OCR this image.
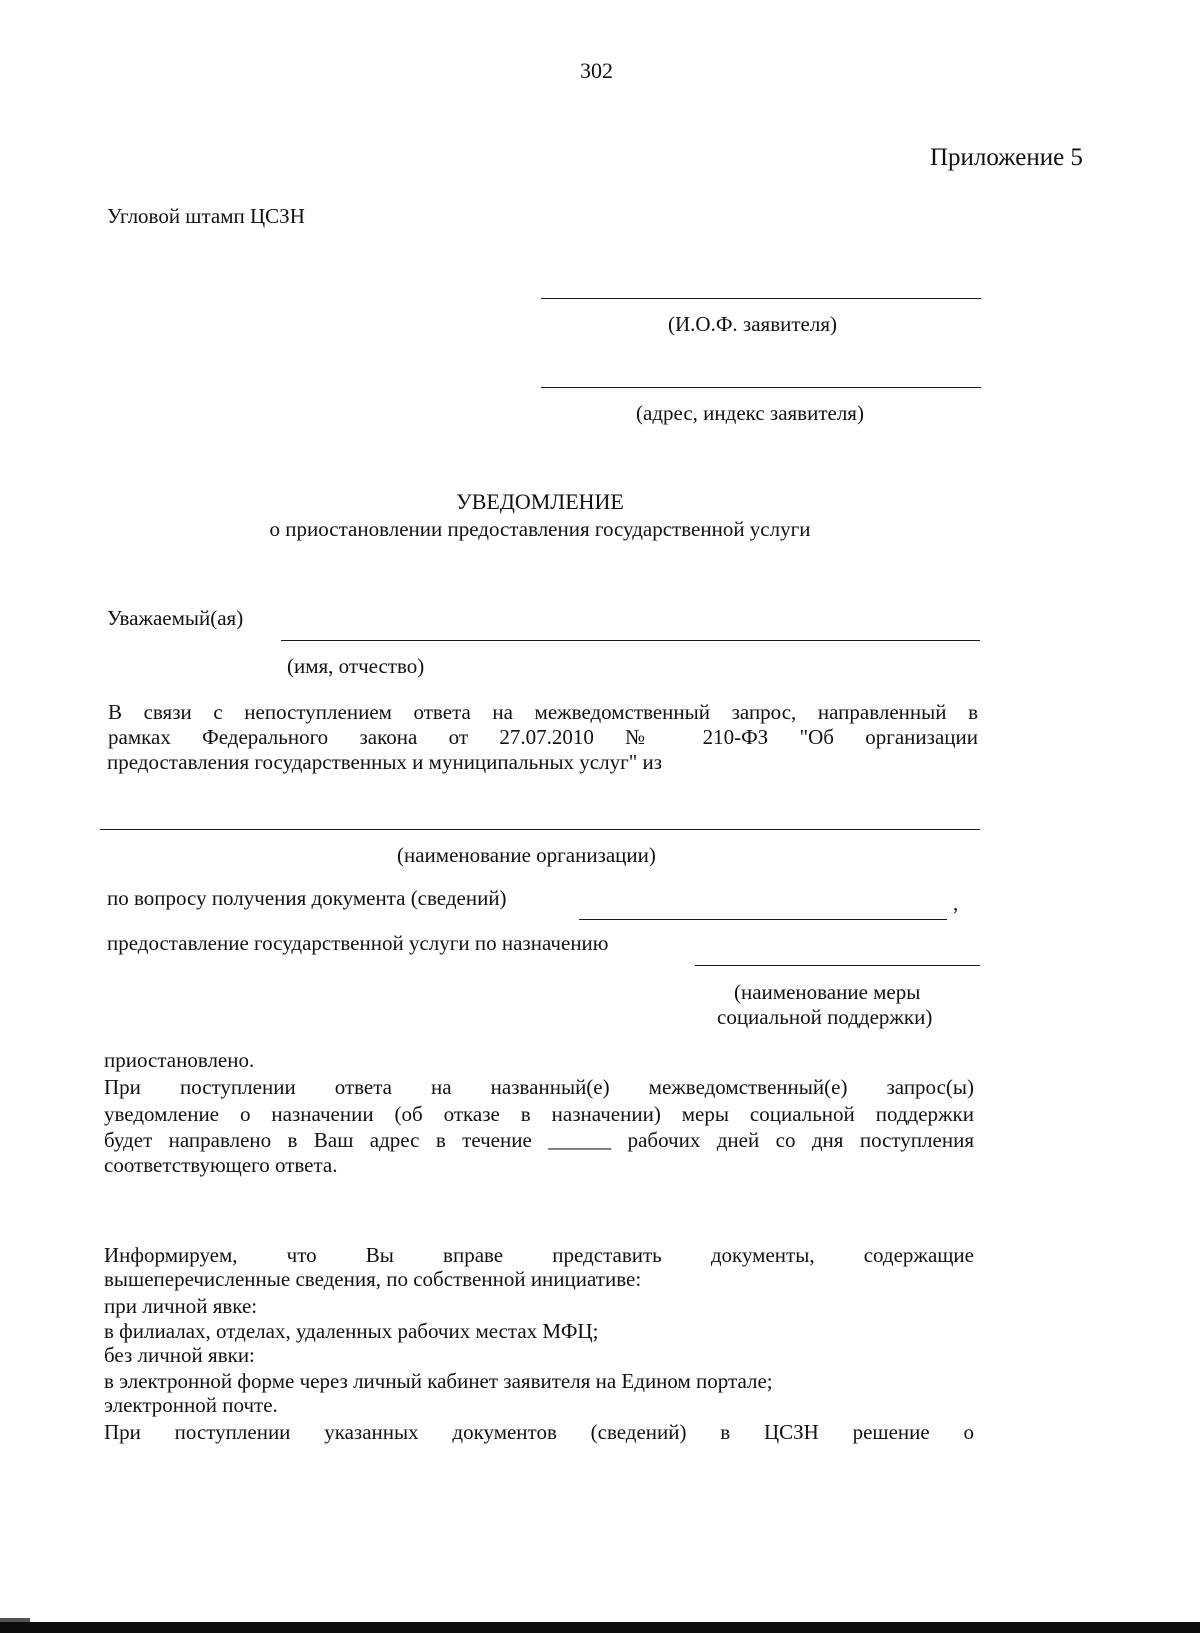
302
Приложение 5
Угловой штамп ЦСЗН
(И.О.Ф. заявителя)
(адрес, индекс заявителя)
УВЕДОМЛЕНИЕ
о приостановлении предоставления государственной услуги
Уважаемый(ая)
(имя, отчество)
В связи с непоступлением ответа на межведомственный запрос, направленный в
рамках Федерального закона от 27.07.2010 № 210-ФЗ "Об организации
предоставления государственных и муниципальных услуг" из
(наименование организации)
по вопросу получения документа (сведений)	,
предоставление государственной услуги по назначению
(наименование меры
социальной поддержки)
приостановлено.
При поступлении ответа на названный(е) межведомственный(е) запрос(ы)
уведомление о назначении (об отказе в назначении) меры социальной поддержки
будет направлено в Ваш адрес в течение ______ рабочих дней со дня поступления
соответствующего ответа.
Информируем, что Вы вправе представить документы, содержащие
вышеперечисленные сведения, по собственной инициативе:
при личной явке:
в филиалах, отделах, удаленных рабочих местах МФЦ;
без личной явки:
в электронной форме через личный кабинет заявителя на Едином портале;
электронной почте.
При поступлении указанных документов (сведений) в ЦСЗН решение о
